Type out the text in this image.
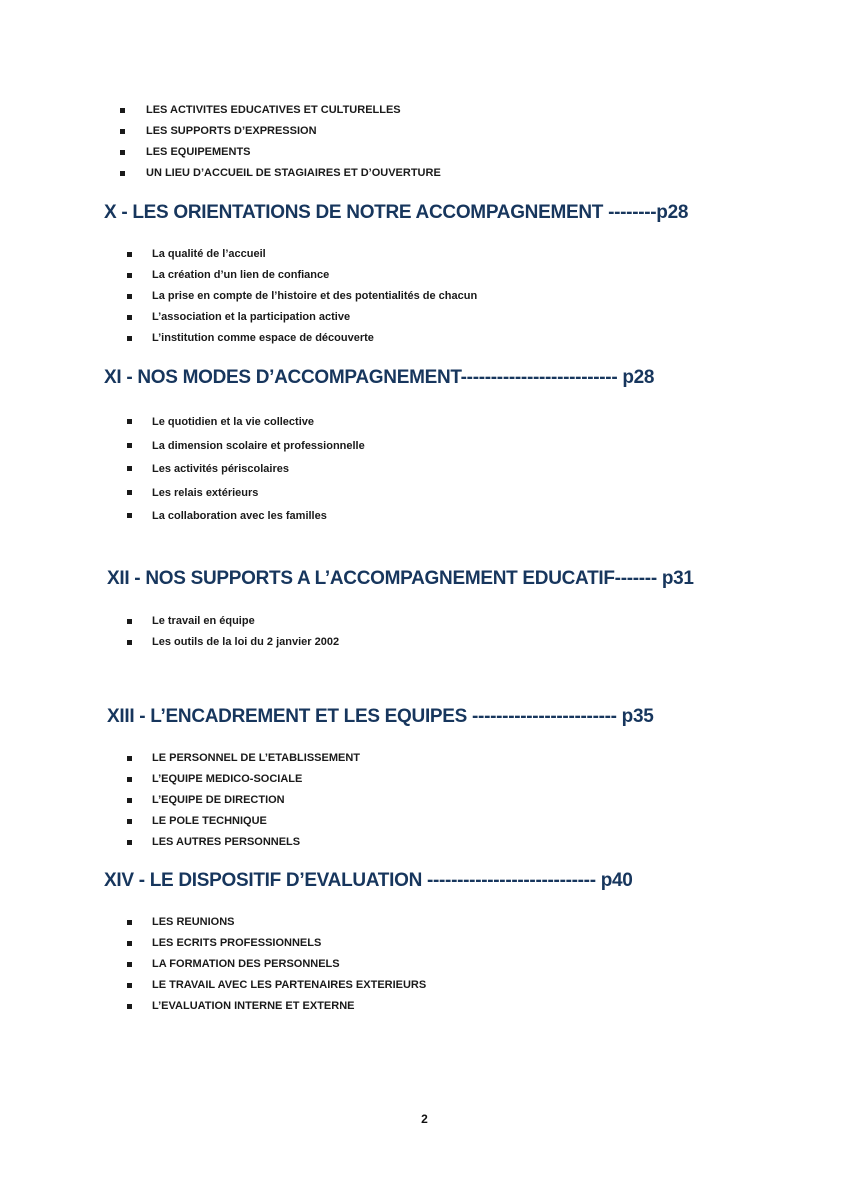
LES ACTIVITES EDUCATIVES ET CULTURELLES
LES SUPPORTS D’EXPRESSION
LES EQUIPEMENTS
UN LIEU D’ACCUEIL DE STAGIAIRES ET D’OUVERTURE
X - LES ORIENTATIONS DE NOTRE ACCOMPAGNEMENT --------p28
La qualité de l’accueil
La création d’un lien de confiance
La prise en compte de l’histoire et des potentialités de chacun
L’association et la participation active
L’institution comme espace de découverte
XI - NOS MODES D’ACCOMPAGNEMENT-------------------------- p28
Le quotidien et la vie collective
La dimension scolaire et professionnelle
Les activités périscolaires
Les relais extérieurs
La collaboration avec les familles
XII - NOS SUPPORTS A L’ACCOMPAGNEMENT EDUCATIF------- p31
Le travail en équipe
Les outils de la loi du 2 janvier 2002
XIII - L’ENCADREMENT ET LES EQUIPES ------------------------ p35
LE PERSONNEL DE L’ETABLISSEMENT
L’EQUIPE MEDICO-SOCIALE
L’EQUIPE DE DIRECTION
LE POLE TECHNIQUE
LES AUTRES PERSONNELS
XIV - LE DISPOSITIF D’EVALUATION ---------------------------- p40
LES REUNIONS
LES ECRITS PROFESSIONNELS
LA FORMATION DES PERSONNELS
LE TRAVAIL AVEC LES PARTENAIRES EXTERIEURS
L’EVALUATION INTERNE ET EXTERNE
2
